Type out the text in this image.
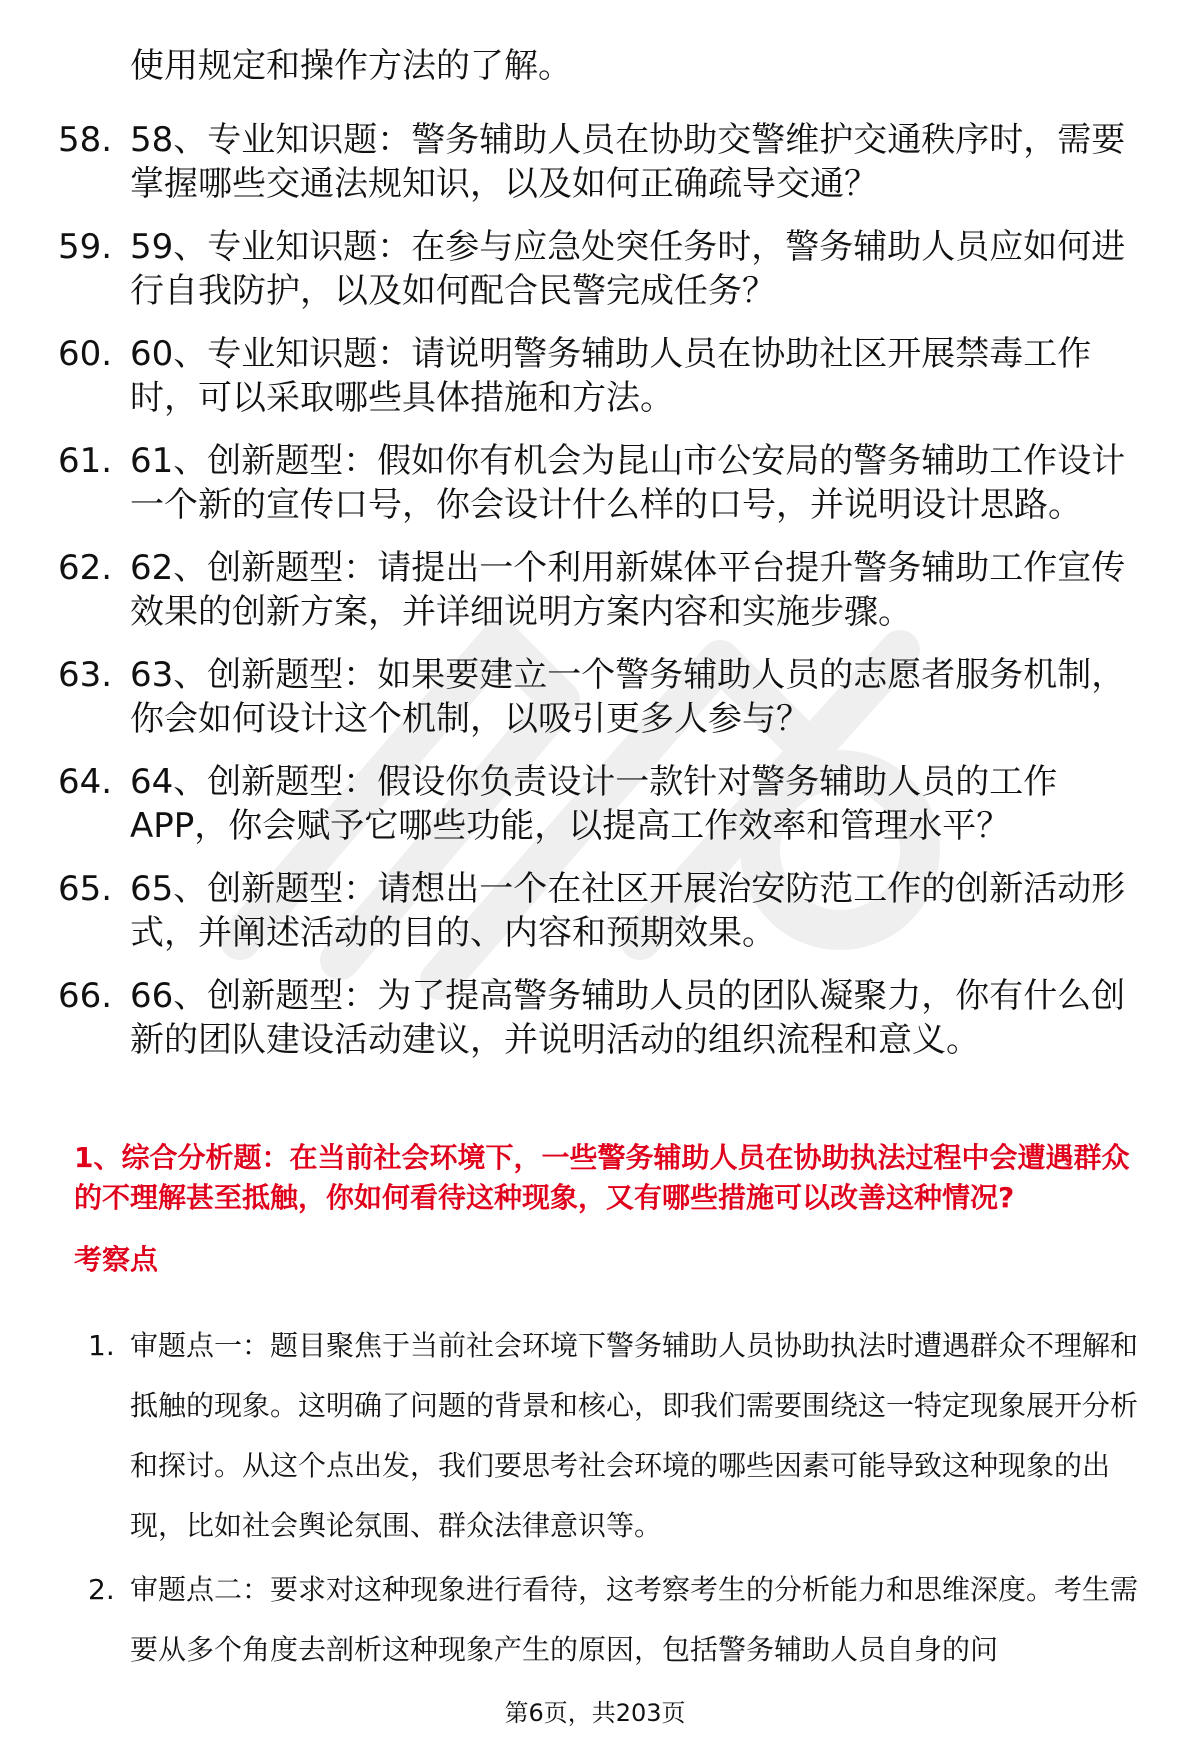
使用规定和操作方法的了解。
58. 58、专业知识题：警务辅助人员在协助交警维护交通秩序时，需要掌握哪些交通法规知识，以及如何正确疏导交通？
59. 59、专业知识题：在参与应急处突任务时，警务辅助人员应如何进行自我防护，以及如何配合民警完成任务？
60. 60、专业知识题：请说明警务辅助人员在协助社区开展禁毒工作时，可以采取哪些具体措施和方法。
61. 61、创新题型：假如你有机会为昆山市公安局的警务辅助工作设计一个新的宣传口号，你会设计什么样的口号，并说明设计思路。
62. 62、创新题型：请提出一个利用新媒体平台提升警务辅助工作宣传效果的创新方案，并详细说明方案内容和实施步骤。
63. 63、创新题型：如果要建立一个警务辅助人员的志愿者服务机制，你会如何设计这个机制，以吸引更多人参与？
64. 64、创新题型：假设你负责设计一款针对警务辅助人员的工作APP，你会赋予它哪些功能，以提高工作效率和管理水平？
65. 65、创新题型：请想出一个在社区开展治安防范工作的创新活动形式，并阐述活动的目的、内容和预期效果。
66. 66、创新题型：为了提高警务辅助人员的团队凝聚力，你有什么创新的团队建设活动建议，并说明活动的组织流程和意义。
1、综合分析题：在当前社会环境下，一些警务辅助人员在协助执法过程中会遭遇群众的不理解甚至抵触，你如何看待这种现象，又有哪些措施可以改善这种情况?
考察点
1. 审题点一：题目聚焦于当前社会环境下警务辅助人员协助执法时遭遇群众不理解和抵触的现象。这明确了问题的背景和核心，即我们需要围绕这一特定现象展开分析和探讨。从这个点出发，我们要思考社会环境的哪些因素可能导致这种现象的出现，比如社会舆论氛围、群众法律意识等。
2. 审题点二：要求对这种现象进行看待，这考察考生的分析能力和思维深度。考生需要从多个角度去剖析这种现象产生的原因，包括警务辅助人员自身的问
第6页，共203页
